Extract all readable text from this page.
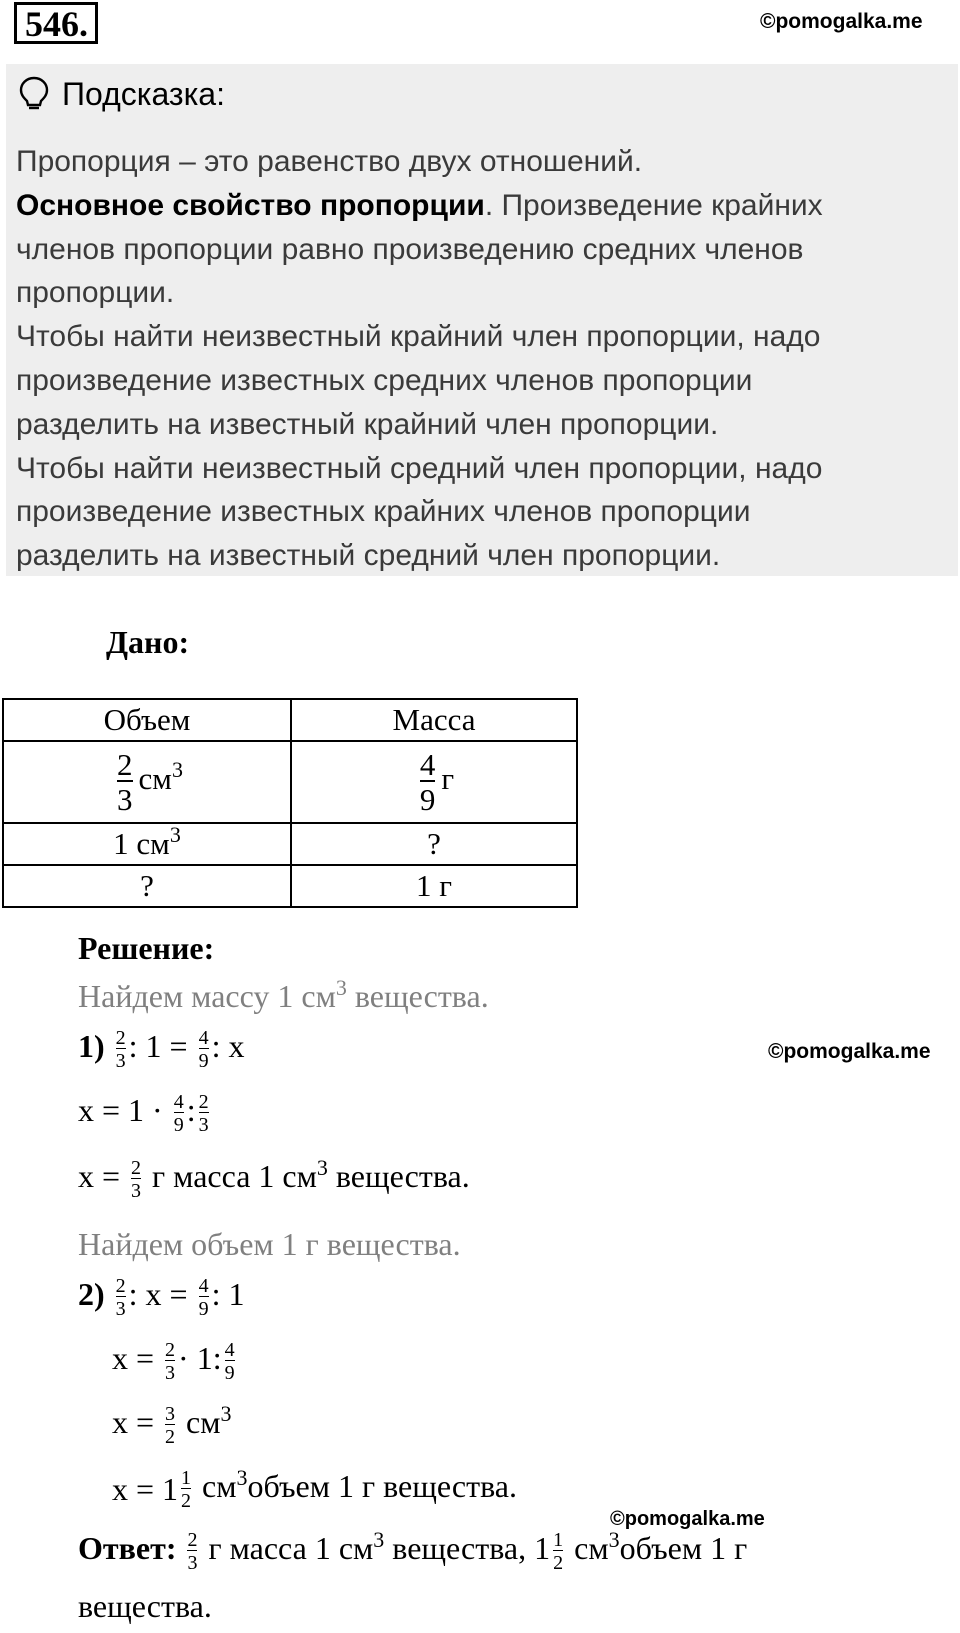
546.	©pomogalka.me
Подсказка:
Пропорция – это равенство двух отношений.
Основное свойство пропорции. Произведение крайних
членов пропорции равно произведению средних членов
пропорции.
Чтобы найти неизвестный крайний член пропорции, надо
произведение известных средних членов пропорции
разделить на известный крайний член пропорции.
Чтобы найти неизвестный средний член пропорции, надо
произведение известных крайних членов пропорции
разделить на известный средний член пропорции.
Дано:
Объем	Масса

$\frac{2}{3} см^3$	$\frac{4}{9}$ г
1 $см^3$	?
?	1 г
Решение:
Найдем массу 1 $см^3$ вещества.
$1) \frac{2}{3}$ : $1 = \frac{4}{9}$ : x	©pomogalka.me
$x = 1 \cdot \frac{4}{9}$ : $\frac{2}{3}$
$x = \frac{2}{3}$ г масса 1 $см^3$ вещества.
Найдем объем 1 г вещества.
$2) \frac{2}{3}$ : $x = \frac{4}{9}$ : 1
$x = \frac{2}{3} \cdot 1$: $\frac{4}{9}$
$x = \frac{3}{2} см^3$
$x = 1 \frac{1}{2}$ $см^3объем$ 1 г вещества.
©pomogalka.me
Ответ: $\frac{2}{3}$ г масса 1 $см^3$ вещества, $1 \frac{1}{2}$ $см^3объем$ 1 г
вещества.
